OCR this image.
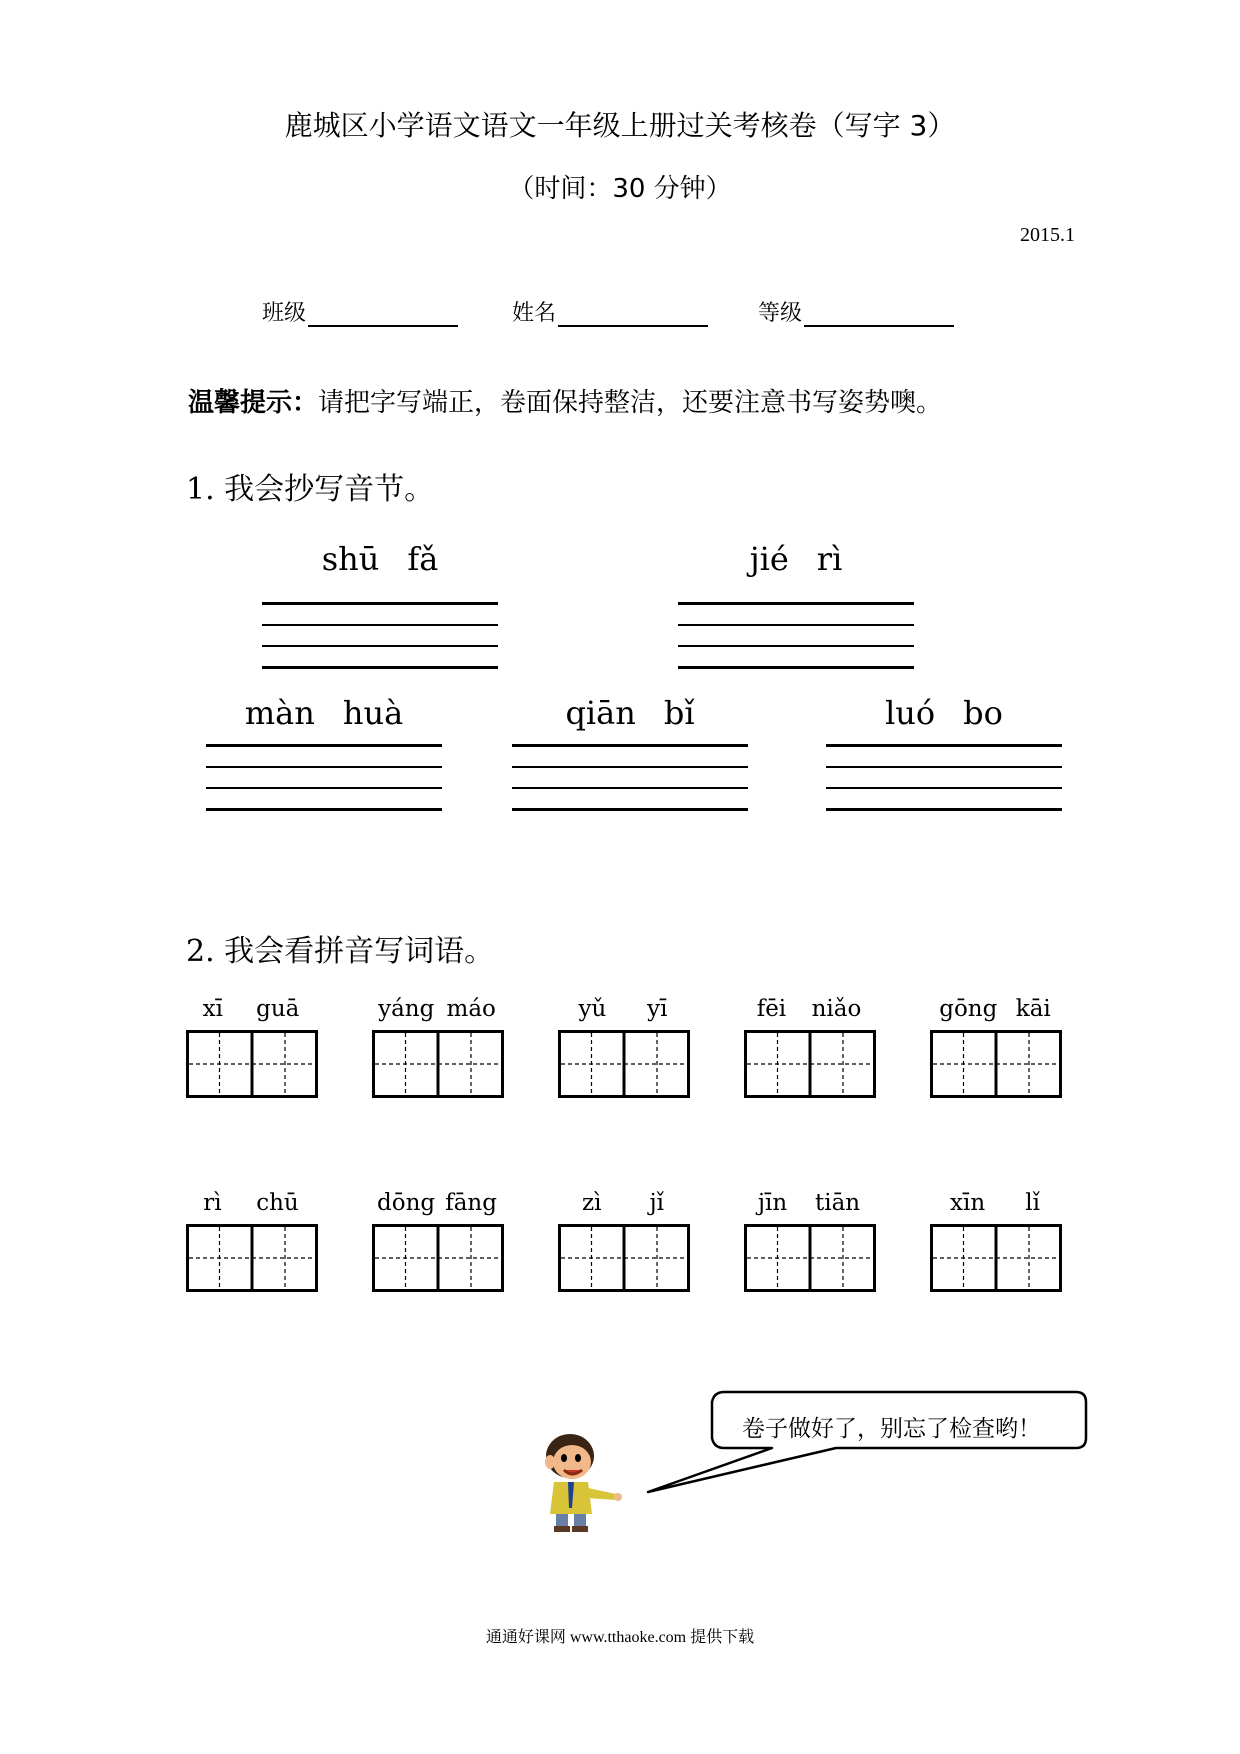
鹿城区小学语文语文一年级上册过关考核卷（写字 3）
（时间：30 分钟）
2015.1
班级	姓名	等级
温馨提示：请把字写端正，卷面保持整洁，还要注意书写姿势噢。
1. 我会抄写音节。
shū fǎ	jié rì
màn huà	qiān bǐ	luó bo
2. 我会看拼音写词语。
xī guā	yáng máo	yǔ yī	fēi niǎo	gōng kāi
rì chū	dōng fāng	zì jǐ	jīn tiān	xīn lǐ
卷子做好了，别忘了检查哟！
通通好课网 www.tthaoke.com 提供下载
